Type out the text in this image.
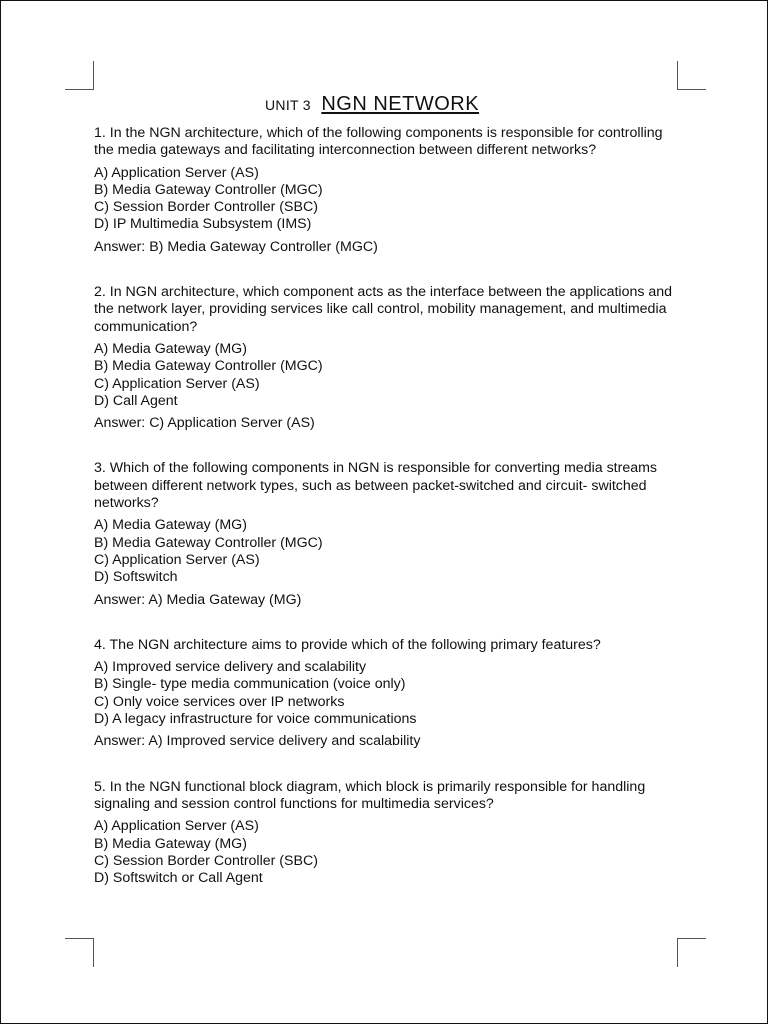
UNIT 3 NGN NETWORK

1. In the NGN architecture, which of the following components is responsible for controlling the media gateways and facilitating interconnection between different networks?

A) Application Server (AS)
B) Media Gateway Controller (MGC)
C) Session Border Controller (SBC)
D) IP Multimedia Subsystem (IMS)

Answer: B) Media Gateway Controller (MGC)

2. In NGN architecture, which component acts as the interface between the applications and the network layer, providing services like call control, mobility management, and multimedia communication?

A) Media Gateway (MG)
B) Media Gateway Controller (MGC)
C) Application Server (AS)
D) Call Agent

Answer: C) Application Server (AS)

3. Which of the following components in NGN is responsible for converting media streams between different network types, such as between packet-switched and circuit- switched networks?

A) Media Gateway (MG)
B) Media Gateway Controller (MGC)
C) Application Server (AS)
D) Softswitch

Answer: A) Media Gateway (MG)

4. The NGN architecture aims to provide which of the following primary features?

A) Improved service delivery and scalability
B) Single- type media communication (voice only)
C) Only voice services over IP networks
D) A legacy infrastructure for voice communications

Answer: A) Improved service delivery and scalability

5. In the NGN functional block diagram, which block is primarily responsible for handling signaling and session control functions for multimedia services?

A) Application Server (AS)
B) Media Gateway (MG)
C) Session Border Controller (SBC)
D) Softswitch or Call Agent
